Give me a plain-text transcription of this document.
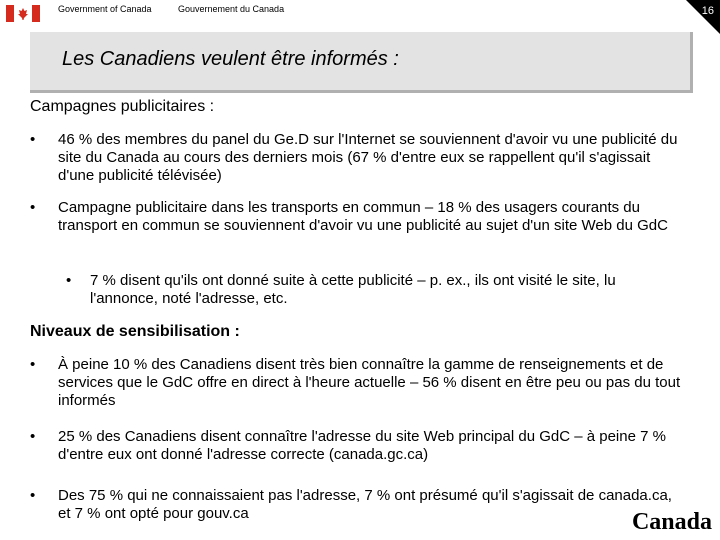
Government of Canada	Gouvernement du Canada	16
Les Canadiens veulent être informés :
Campagnes publicitaires :
• 46 % des membres du panel du Ge.D sur l'Internet se souviennent d'avoir vu une publicité du site du Canada au cours des derniers mois (67 % d'entre eux se rappellent qu'il s'agissait d'une publicité télévisée)
• Campagne publicitaire dans les transports en commun – 18 % des usagers courants du transport en commun se souviennent d'avoir vu une publicité au sujet d'un site Web du GdC
• 7 % disent qu'ils ont donné suite à cette publicité – p. ex., ils ont visité le site, lu l'annonce, noté l'adresse, etc.
Niveaux de sensibilisation :
• À peine 10 % des Canadiens disent très bien connaître la gamme de renseignements et de services que le GdC offre en direct à l'heure actuelle – 56 % disent en être peu ou pas du tout informés
• 25 % des Canadiens disent connaître l'adresse du site Web principal du GdC – à peine 7 % d'entre eux ont donné l'adresse correcte (canada.gc.ca)
• Des 75 % qui ne connaissaient pas l'adresse, 7 % ont présumé qu'il s'agissait de canada.ca, et 7 % ont opté pour gouv.ca	Canada
